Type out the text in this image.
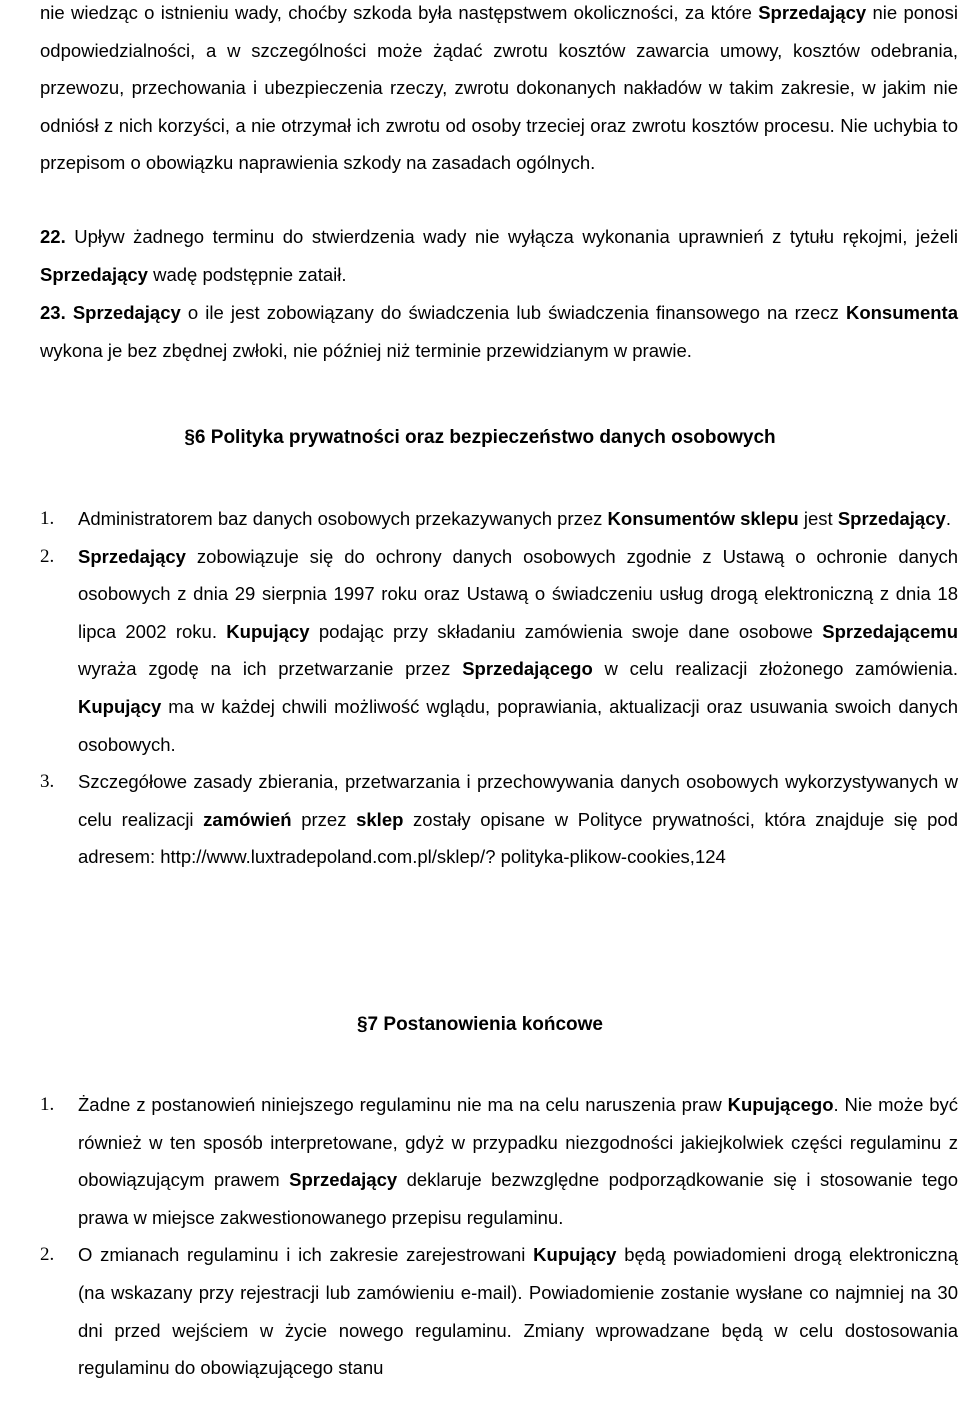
nie wiedząc o istnieniu wady, choćby szkoda była następstwem okoliczności, za które Sprzedający nie ponosi odpowiedzialności, a w szczególności może żądać zwrotu kosztów zawarcia umowy, kosztów odebrania, przewozu, przechowania i ubezpieczenia rzeczy, zwrotu dokonanych nakładów w takim zakresie, w jakim nie odniósł z nich korzyści, a nie otrzymał ich zwrotu od osoby trzeciej oraz zwrotu kosztów procesu. Nie uchybia to przepisom o obowiązku naprawienia szkody na zasadach ogólnych.

22. Upływ żadnego terminu do stwierdzenia wady nie wyłącza wykonania uprawnień z tytułu rękojmi, jeżeli Sprzedający wadę podstępnie zataił.

23. Sprzedający o ile jest zobowiązany do świadczenia lub świadczenia finansowego na rzecz Konsumenta wykona je bez zbędnej zwłoki, nie później niż terminie przewidzianym w prawie.

§6 Polityka prywatności oraz bezpieczeństwo danych osobowych
1. Administratorem baz danych osobowych przekazywanych przez Konsumentów sklepu jest Sprzedający.

2. Sprzedający zobowiązuje się do ochrony danych osobowych zgodnie z Ustawą o ochronie danych osobowych z dnia 29 sierpnia 1997 roku oraz Ustawą o świadczeniu usług drogą elektroniczną z dnia 18 lipca 2002 roku. Kupujący podając przy składaniu zamówienia swoje dane osobowe Sprzedającemu wyraża zgodę na ich przetwarzanie przez Sprzedającego w celu realizacji złożonego zamówienia. Kupujący ma w każdej chwili możliwość wglądu, poprawiania, aktualizacji oraz usuwania swoich danych osobowych.

3. Szczegółowe zasady zbierania, przetwarzania i przechowywania danych osobowych wykorzystywanych w celu realizacji zamówień przez sklep zostały opisane w Polityce prywatności, która znajduje się pod adresem: http://www.luxtradepoland.com.pl/sklep/? polityka-plikow-cookies,124

§7 Postanowienia końcowe
1. Żadne z postanowień niniejszego regulaminu nie ma na celu naruszenia praw Kupującego. Nie może być również w ten sposób interpretowane, gdyż w przypadku niezgodności jakiejkolwiek części regulaminu z obowiązującym prawem Sprzedający deklaruje bezwzględne podporządkowanie się i stosowanie tego prawa w miejsce zakwestionowanego przepisu regulaminu.

2. O zmianach regulaminu i ich zakresie zarejestrowani Kupujący będą powiadomieni drogą elektroniczną (na wskazany przy rejestracji lub zamówieniu e-mail). Powiadomienie zostanie wysłane co najmniej na 30 dni przed wejściem w życie nowego regulaminu. Zmiany wprowadzane będą w celu dostosowania regulaminu do obowiązującego stanu
